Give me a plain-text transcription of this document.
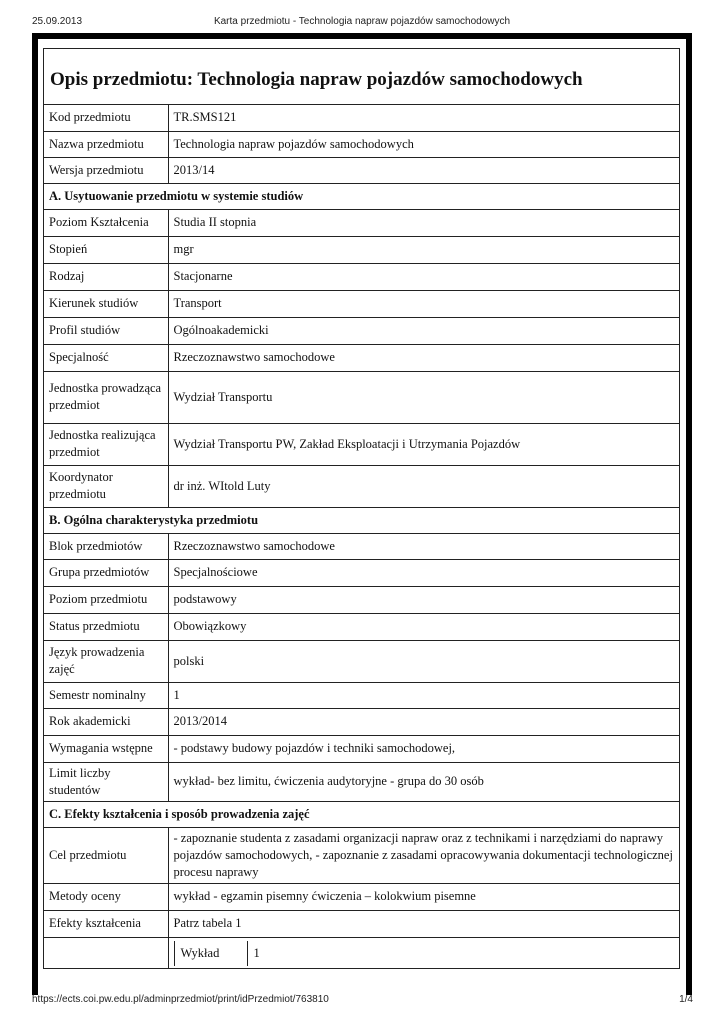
25.09.2013	Karta przedmiotu - Technologia napraw pojazdów samochodowych
Opis przedmiotu: Technologia napraw pojazdów samochodowych
Kod przedmiotu	TR.SMS121
Nazwa przedmiotu	Technologia napraw pojazdów samochodowych
Wersja przedmiotu	2013/14
A. Usytuowanie przedmiotu w systemie studiów
Poziom Kształcenia	Studia II stopnia
Stopień	mgr
Rodzaj	Stacjonarne
Kierunek studiów	Transport
Profil studiów	Ogólnoakademicki
Specjalność	Rzeczoznawstwo samochodowe
Jednostka prowadząca przedmiot	Wydział Transportu
Jednostka realizująca przedmiot	Wydział Transportu PW, Zakład Eksploatacji i Utrzymania Pojazdów
Koordynator przedmiotu	dr inż. WItold Luty
B. Ogólna charakterystyka przedmiotu
Blok przedmiotów	Rzeczoznawstwo samochodowe
Grupa przedmiotów	Specjalnościowe
Poziom przedmiotu	podstawowy
Status przedmiotu	Obowiązkowy
Język prowadzenia zajęć	polski
Semestr nominalny	1
Rok akademicki	2013/2014
Wymagania wstępne	- podstawy budowy pojazdów i techniki samochodowej,
Limit liczby studentów	wykład- bez limitu, ćwiczenia audytoryjne - grupa do 30 osób
C. Efekty kształcenia i sposób prowadzenia zajęć
Cel przedmiotu	- zapoznanie studenta z zasadami organizacji napraw oraz z technikami i narzędziami do naprawy pojazdów samochodowych, - zapoznanie z zasadami opracowywania dokumentacji technologicznej procesu naprawy
Metody oceny	wykład - egzamin pisemny ćwiczenia – kolokwium pisemne
Efekty kształcenia	Patrz tabela 1

Wykład	1
https://ects.coi.pw.edu.pl/adminprzedmiot/print/idPrzedmiot/763810	1/4
